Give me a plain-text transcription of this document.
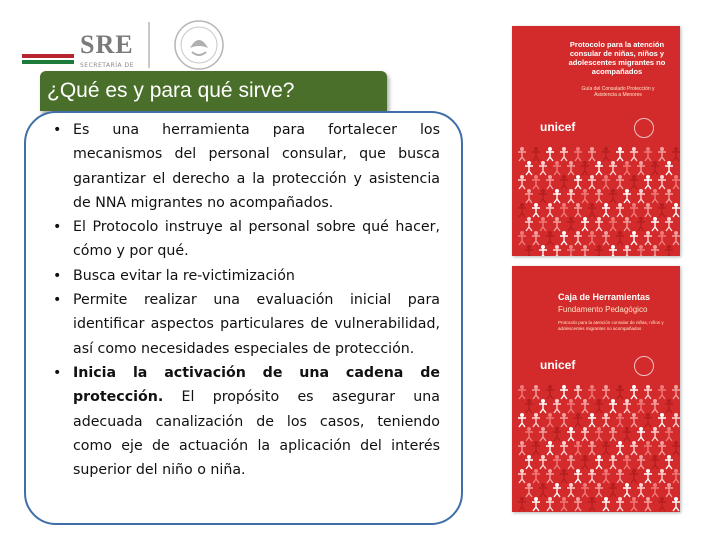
SRE
SECRETARÍA DE
¿Qué es y para qué sirve?
• Es una herramienta para fortalecer los mecanismos del personal consular, que busca garantizar el derecho a la protección y asistencia de NNA migrantes no acompañados.
• El Protocolo instruye al personal sobre qué hacer, cómo y por qué.
• Busca evitar la re-victimización
• Permite realizar una evaluación inicial para identificar aspectos particulares de vulnerabilidad, así como necesidades especiales de protección.
• Inicia la activación de una cadena de protección. El propósito es asegurar una adecuada canalización de los casos, teniendo como eje de actuación la aplicación del interés superior del niño o niña.
Protocolo para la atención consular de niñas, niños y adolescentes migrantes no acompañados
Guía del Consulado Protección y Asistencia a Menores
unicef
Caja de Herramientas
Fundamento Pedagógico
Protocolo para la atención consular de niñas, niños y adolescentes migrantes no acompañados
unicef
